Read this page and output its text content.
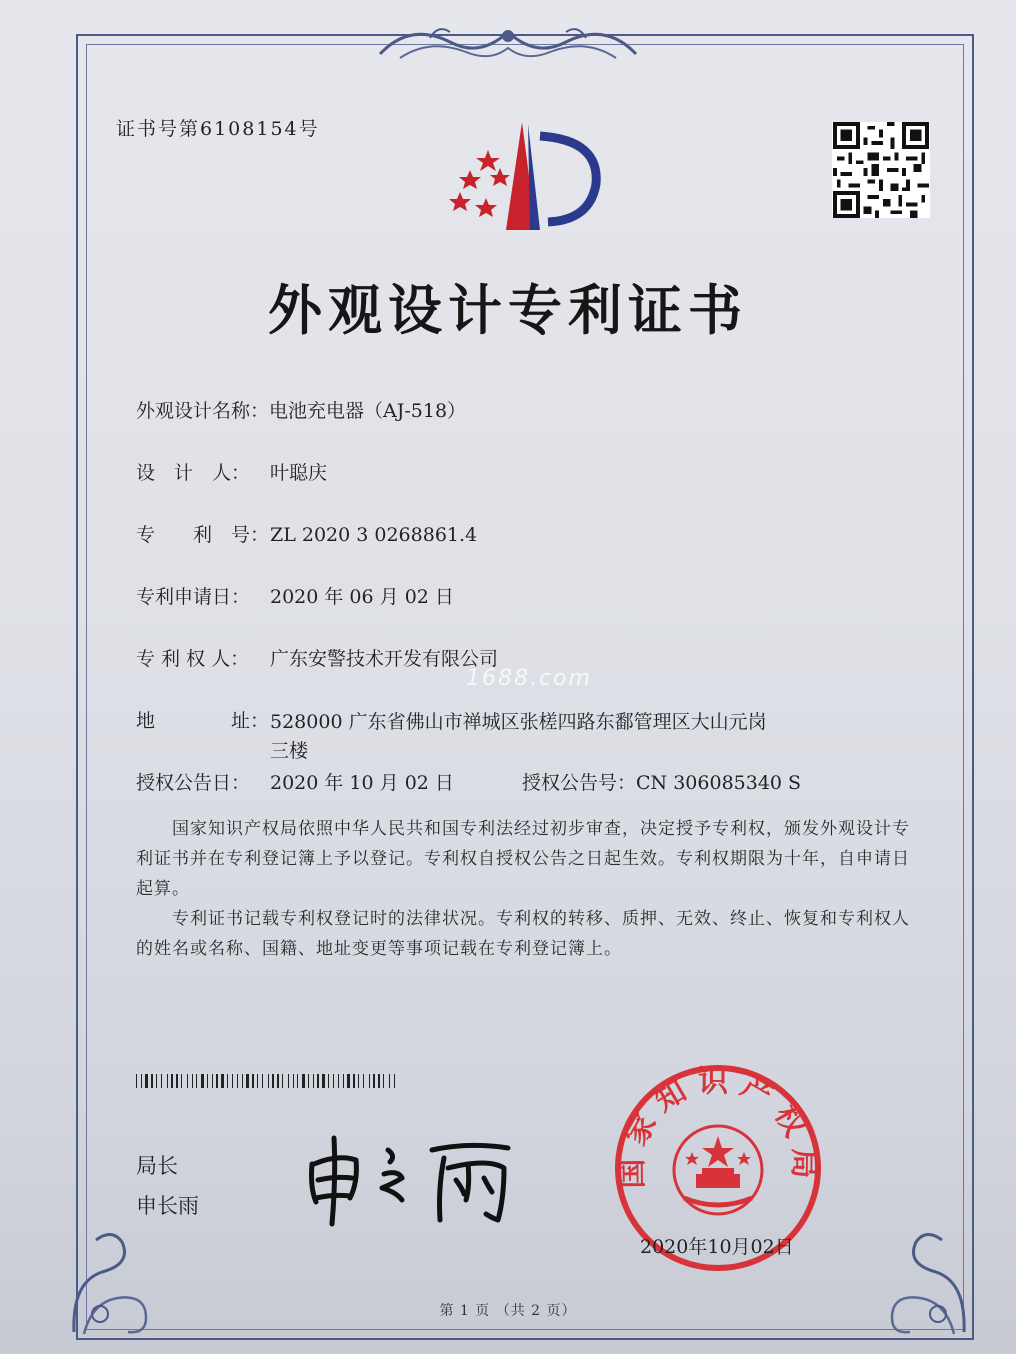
证书号第6108154号
外观设计专利证书
外观设计名称：电池充电器（AJ-518）
设　计　人： 叶聪庆
专　　利　号：ZL 2020 3 0268861.4
专利申请日： 2020 年 06 月 02 日
专 利 权 人： 广东安警技术开发有限公司
1688.com
地　　　　址： 528000 广东省佛山市禅城区张槎四路东鄱管理区大山元岗三楼
授权公告日： 2020 年 10 月 02 日	授权公告号：CN 306085340 S
国家知识产权局依照中华人民共和国专利法经过初步审查，决定授予专利权，颁发外观设计专利证书并在专利登记簿上予以登记。专利权自授权公告之日起生效。专利权期限为十年，自申请日起算。
专利证书记载专利权登记时的法律状况。专利权的转移、质押、无效、终止、恢复和专利权人的姓名或名称、国籍、地址变更等事项记载在专利登记簿上。
局长
申长雨
国家知识产权局
2020年10月02日
第 1 页 （共 2 页）
